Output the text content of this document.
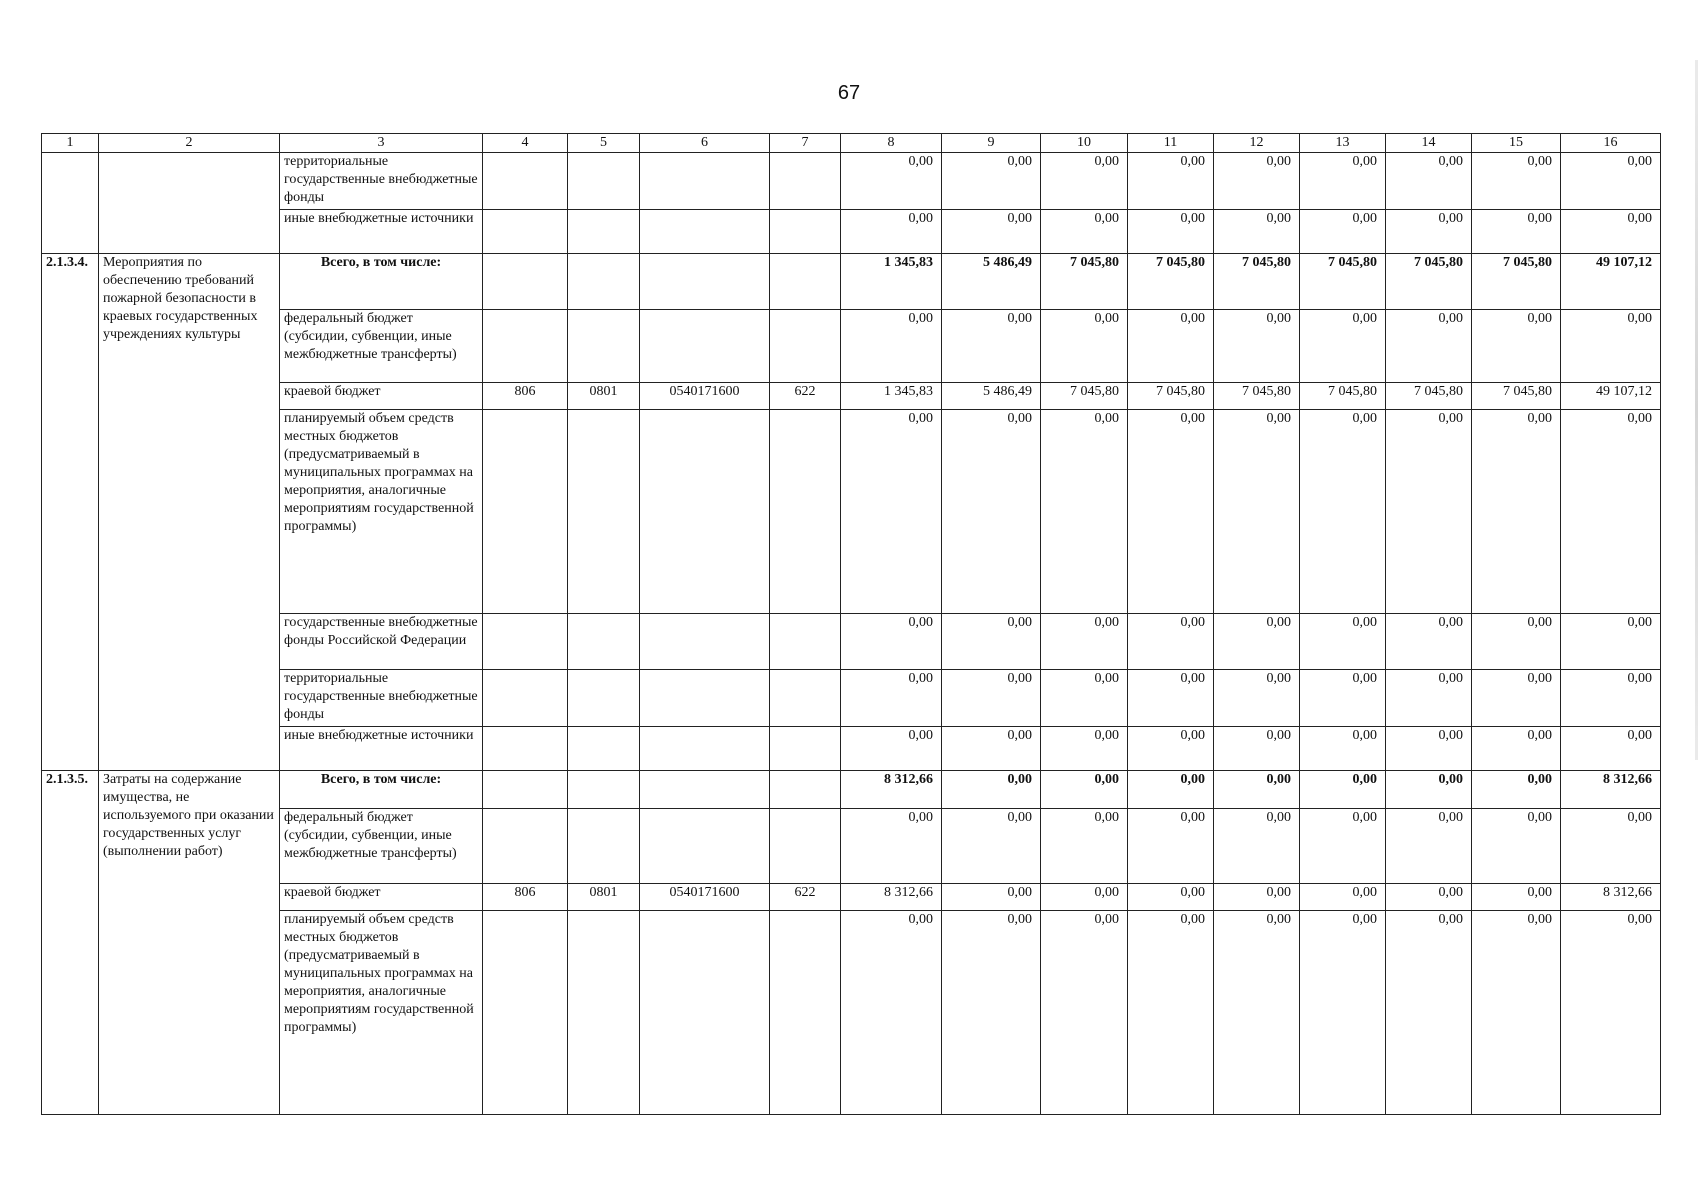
67
1	2	3	4	5	6	7	8	9	10	11	12	13	14	15	16
		территориальные государственные внебюджетные фонды					0,00	0,00	0,00	0,00	0,00	0,00	0,00	0,00	0,00
		иные внебюджетные источники					0,00	0,00	0,00	0,00	0,00	0,00	0,00	0,00	0,00
2.1.3.4.	Мероприятия по обеспечению требований пожарной безопасности в краевых государственных учреждениях культуры	Всего, в том числе:					1 345,83	5 486,49	7 045,80	7 045,80	7 045,80	7 045,80	7 045,80	7 045,80	49 107,12
		федеральный бюджет (субсидии, субвенции, иные межбюджетные трансферты)					0,00	0,00	0,00	0,00	0,00	0,00	0,00	0,00	0,00
		краевой бюджет	806	0801	0540171600	622	1 345,83	5 486,49	7 045,80	7 045,80	7 045,80	7 045,80	7 045,80	7 045,80	49 107,12
		планируемый объем средств местных бюджетов (предусматриваемый в муниципальных программах на мероприятия, аналогичные мероприятиям государственной программы)					0,00	0,00	0,00	0,00	0,00	0,00	0,00	0,00	0,00
		государственные внебюджетные фонды Российской Федерации					0,00	0,00	0,00	0,00	0,00	0,00	0,00	0,00	0,00
		территориальные государственные внебюджетные фонды					0,00	0,00	0,00	0,00	0,00	0,00	0,00	0,00	0,00
		иные внебюджетные источники					0,00	0,00	0,00	0,00	0,00	0,00	0,00	0,00	0,00
2.1.3.5.	Затраты на содержание имущества, не используемого при оказании государственных услуг (выполнении работ)	Всего, в том числе:					8 312,66	0,00	0,00	0,00	0,00	0,00	0,00	0,00	8 312,66
		федеральный бюджет (субсидии, субвенции, иные межбюджетные трансферты)					0,00	0,00	0,00	0,00	0,00	0,00	0,00	0,00	0,00
		краевой бюджет	806	0801	0540171600	622	8 312,66	0,00	0,00	0,00	0,00	0,00	0,00	0,00	8 312,66
		планируемый объем средств местных бюджетов (предусматриваемый в муниципальных программах на мероприятия, аналогичные мероприятиям государственной программы)					0,00	0,00	0,00	0,00	0,00	0,00	0,00	0,00	0,00
